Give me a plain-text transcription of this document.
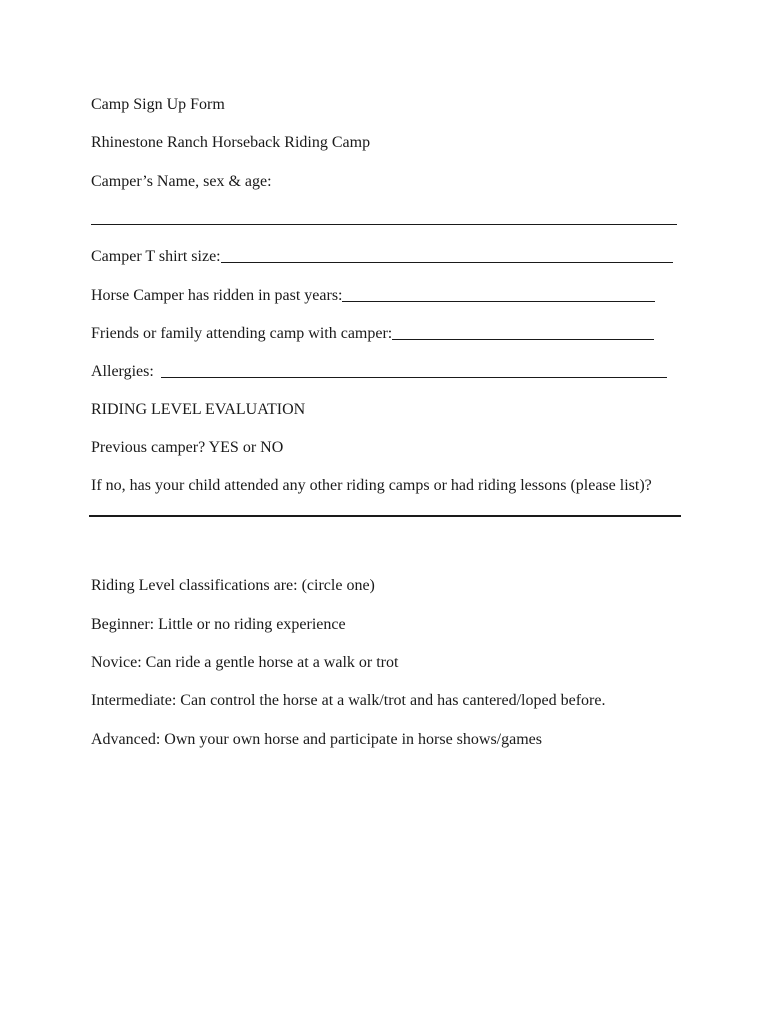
Camp Sign Up Form
Rhinestone Ranch Horseback Riding Camp
Camper’s Name, sex & age:
Camper T shirt size:
Horse Camper has ridden in past years:
Friends or family attending camp with camper:
Allergies:
RIDING LEVEL EVALUATION
Previous camper? YES or NO
If no, has your child attended any other riding camps or had riding lessons (please list)?
Riding Level classifications are: (circle one)
Beginner: Little or no riding experience
Novice: Can ride a gentle horse at a walk or trot
Intermediate: Can control the horse at a walk/trot and has cantered/loped before.
Advanced: Own your own horse and participate in horse shows/games
